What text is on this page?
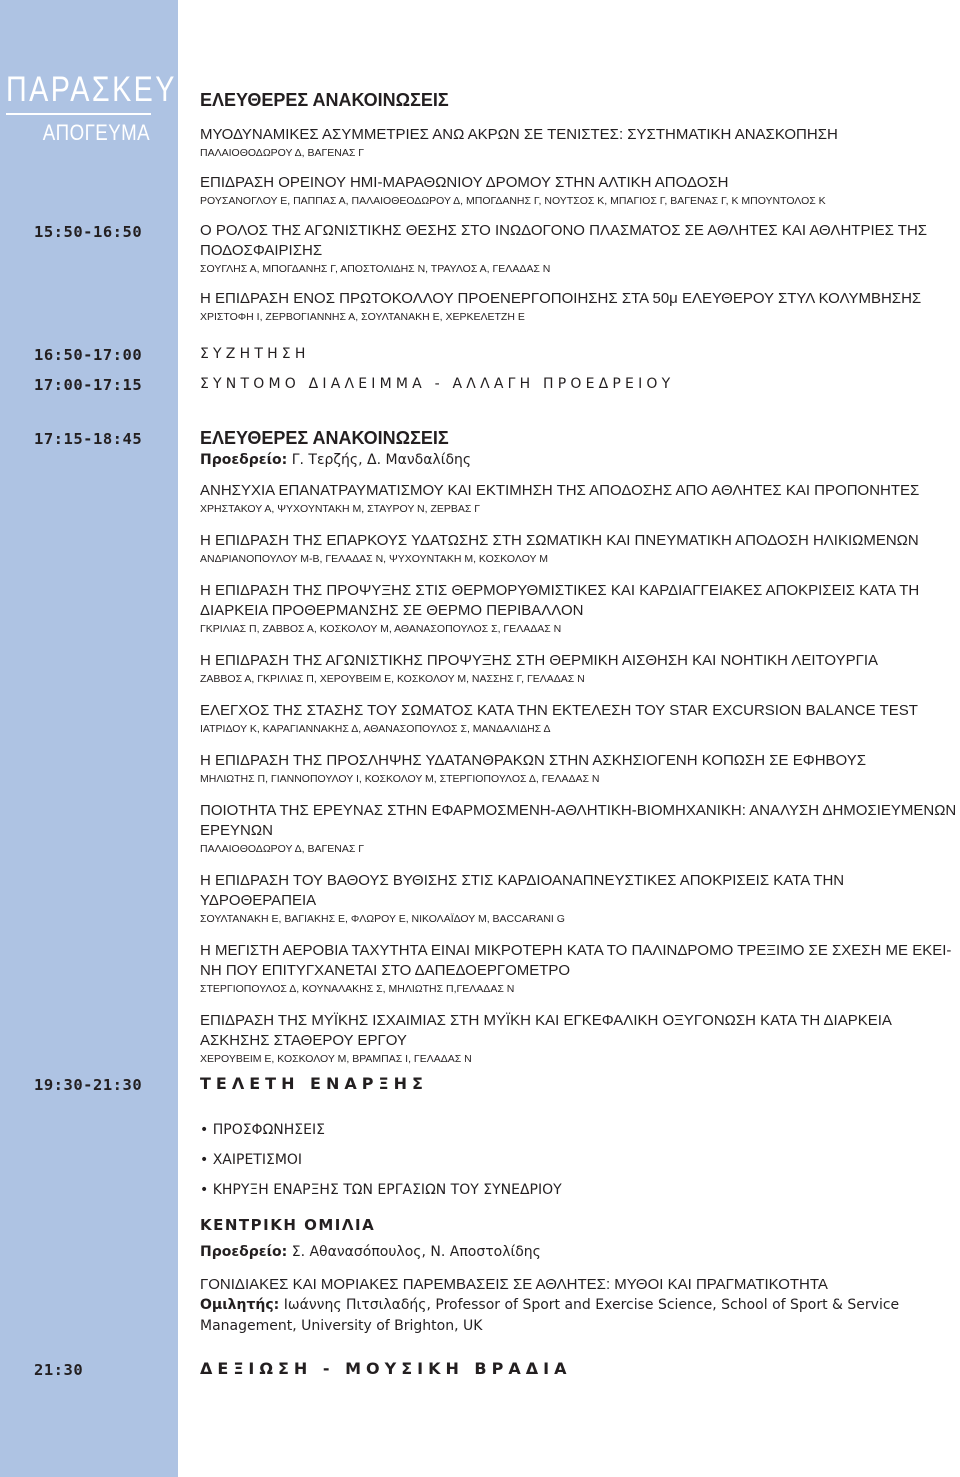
ΠΑΡΑΣΚΕΥΗ
ΑΠΟΓΕΥΜΑ
15:50-16:50
16:50-17:00
17:00-17:15
17:15-18:45
19:30-21:30
21:30
ΕΛΕΥΘΕΡΕΣ ΑΝΑΚΟΙΝΩΣΕΙΣ
ΜΥΟΔΥΝΑΜΙΚΕΣ ΑΣΥΜΜΕΤΡΙΕΣ ΑΝΩ ΑΚΡΩΝ ΣΕ ΤΕΝΙΣΤΕΣ: ΣΥΣΤΗΜΑΤΙΚΗ ΑΝΑΣΚΟΠΗΣΗ
ΠΑΛΑΙΟΘΟΔΩΡΟΥ Δ, ΒΑΓΕΝΑΣ Γ
ΕΠΙΔΡΑΣΗ ΟΡΕΙΝΟΥ ΗΜΙ-ΜΑΡΑΘΩΝΙΟΥ ΔΡΟΜΟΥ ΣΤΗΝ ΑΛΤΙΚΗ ΑΠΟΔΟΣΗ
ΡΟΥΣΑΝΟΓΛΟΥ Ε, ΠΑΠΠΑΣ Α, ΠΑΛΑΙΟΘΕΟΔΩΡΟΥ Δ, ΜΠΟΓΔΑΝΗΣ Γ, ΝΟΥΤΣΟΣ Κ, ΜΠΑΓΙΟΣ Γ, ΒΑΓΕΝΑΣ Γ, Κ ΜΠΟΥΝΤΟΛΟΣ Κ
Ο ΡΟΛΟΣ ΤΗΣ ΑΓΩΝΙΣΤΙΚΗΣ ΘΕΣΗΣ ΣΤΟ ΙΝΩΔΟΓΟΝΟ ΠΛΑΣΜΑΤΟΣ ΣΕ ΑΘΛΗΤΕΣ ΚΑΙ ΑΘΛΗΤΡΙΕΣ ΤΗΣ ΠΟΔΟΣΦΑΙΡΙΣΗΣ
ΣΟΥΓΛΗΣ Α, ΜΠΟΓΔΑΝΗΣ Γ, ΑΠΟΣΤΟΛΙΔΗΣ Ν, ΤΡΑΥΛΟΣ Α, ΓΕΛΑΔΑΣ Ν
Η ΕΠΙΔΡΑΣΗ ΕΝΟΣ ΠΡΩΤΟΚΟΛΛΟΥ ΠΡΟΕΝΕΡΓΟΠΟΙΗΣΗΣ ΣΤΑ 50μ ΕΛΕΥΘΕΡΟΥ ΣΤΥΛ ΚΟΛΥΜΒΗΣΗΣ
ΧΡΙΣΤΟΦΗ Ι, ΖΕΡΒΟΓΙΑΝΝΗΣ Α, ΣΟΥΛΤΑΝΑΚΗ Ε, ΧΕΡΚΕΛΕΤΖΗ Ε
ΣΥΖΗΤΗΣΗ
ΣΥΝΤΟΜΟ ΔΙΑΛΕΙΜΜΑ - ΑΛΛΑΓΗ ΠΡΟΕΔΡΕΙΟΥ
ΕΛΕΥΘΕΡΕΣ ΑΝΑΚΟΙΝΩΣΕΙΣ
Προεδρείο: Γ. Τερζής, Δ. Μανδαλίδης
ΑΝΗΣΥΧΙΑ ΕΠΑΝΑΤΡΑΥΜΑΤΙΣΜΟΥ ΚΑΙ ΕΚΤΙΜΗΣΗ ΤΗΣ ΑΠΟΔΟΣΗΣ ΑΠΟ ΑΘΛΗΤΕΣ ΚΑΙ ΠΡΟΠΟΝΗΤΕΣ
ΧΡΗΣΤΑΚΟΥ Α, ΨΥΧΟΥΝΤΑΚΗ Μ, ΣΤΑΥΡΟΥ Ν, ΖΕΡΒΑΣ Γ
Η ΕΠΙΔΡΑΣΗ ΤΗΣ ΕΠΑΡΚΟΥΣ ΥΔΑΤΩΣΗΣ ΣΤΗ ΣΩΜΑΤΙΚΗ ΚΑΙ ΠΝΕΥΜΑΤΙΚΗ ΑΠΟΔΟΣΗ ΗΛΙΚΙΩΜΕΝΩΝ
ΑΝΔΡΙΑΝΟΠΟΥΛΟΥ Μ-Β, ΓΕΛΑΔΑΣ Ν, ΨΥΧΟΥΝΤΑΚΗ Μ, ΚΟΣΚΟΛΟΥ Μ
Η ΕΠΙΔΡΑΣΗ ΤΗΣ ΠΡΟΨΥΞΗΣ ΣΤΙΣ ΘΕΡΜΟΡΥΘΜΙΣΤΙΚΕΣ ΚΑΙ ΚΑΡΔΙΑΓΓΕΙΑΚΕΣ ΑΠΟΚΡΙΣΕΙΣ ΚΑΤΑ ΤΗ ΔΙΑΡΚΕΙΑ ΠΡΟΘΕΡΜΑΝΣΗΣ ΣΕ ΘΕΡΜΟ ΠΕΡΙΒΑΛΛΟΝ
ΓΚΡΙΛΙΑΣ Π, ΖΑΒΒΟΣ Α, ΚΟΣΚΟΛΟΥ Μ, ΑΘΑΝΑΣΟΠΟΥΛΟΣ Σ, ΓΕΛΑΔΑΣ Ν
Η ΕΠΙΔΡΑΣΗ ΤΗΣ ΑΓΩΝΙΣΤΙΚΗΣ ΠΡΟΨΥΞΗΣ ΣΤΗ ΘΕΡΜΙΚΗ ΑΙΣΘΗΣΗ ΚΑΙ ΝΟΗΤΙΚΗ ΛΕΙΤΟΥΡΓΙΑ
ΖΑΒΒΟΣ Α, ΓΚΡΙΛΙΑΣ Π, ΧΕΡΟΥΒΕΙΜ Ε, ΚΟΣΚΟΛΟΥ Μ, ΝΑΣΣΗΣ Γ, ΓΕΛΑΔΑΣ Ν
ΕΛΕΓΧΟΣ ΤΗΣ ΣΤΑΣΗΣ ΤΟΥ ΣΩΜΑΤΟΣ ΚΑΤΑ ΤΗΝ ΕΚΤΕΛΕΣΗ ΤΟΥ STAR EXCURSION BALANCE TEST
ΙΑΤΡΙΔΟΥ Κ, ΚΑΡΑΓΙΑΝΝΑΚΗΣ Δ, ΑΘΑΝΑΣΟΠΟΥΛΟΣ Σ, ΜΑΝΔΑΛΙΔΗΣ Δ
Η ΕΠΙΔΡΑΣΗ ΤΗΣ ΠΡΟΣΛΗΨΗΣ ΥΔΑΤΑΝΘΡΑΚΩΝ ΣΤΗΝ ΑΣΚΗΣΙΟΓΕΝΗ ΚΟΠΩΣΗ ΣΕ ΕΦΗΒΟΥΣ
ΜΗΛΙΩΤΗΣ Π, ΓΙΑΝΝΟΠΟΥΛΟΥ Ι, ΚΟΣΚΟΛΟΥ Μ, ΣΤΕΡΓΙΟΠΟΥΛΟΣ Δ, ΓΕΛΑΔΑΣ Ν
ΠΟΙΟΤΗΤΑ ΤΗΣ ΕΡΕΥΝΑΣ ΣΤΗΝ ΕΦΑΡΜΟΣΜΕΝΗ-ΑΘΛΗΤΙΚΗ-ΒΙΟΜΗΧΑΝΙΚΗ: ΑΝΑΛΥΣΗ ΔΗΜΟΣΙΕΥΜΕΝΩΝ ΕΡΕΥΝΩΝ
ΠΑΛΑΙΟΘΟΔΩΡΟΥ Δ, ΒΑΓΕΝΑΣ Γ
Η ΕΠΙΔΡΑΣΗ ΤΟΥ ΒΑΘΟΥΣ ΒΥΘΙΣΗΣ ΣΤΙΣ ΚΑΡΔΙΟΑΝΑΠΝΕΥΣΤΙΚΕΣ ΑΠΟΚΡΙΣΕΙΣ ΚΑΤΑ ΤΗΝ ΥΔΡΟΘΕΡΑΠΕΙΑ
ΣΟΥΛΤΑΝΑΚΗ Ε, ΒΑΓΙΑΚΗΣ Ε, ΦΛΩΡΟΥ Ε, ΝΙΚΟΛΑΪΔΟΥ Μ, BACCARANI G
Η ΜΕΓΙΣΤΗ ΑΕΡΟΒΙΑ ΤΑΧΥΤΗΤΑ ΕΙΝΑΙ ΜΙΚΡΟΤΕΡΗ ΚΑΤΑ ΤΟ ΠΑΛΙΝΔΡΟΜΟ ΤΡΕΞΙΜΟ ΣΕ ΣΧΕΣΗ ΜΕ ΕΚΕΙ-ΝΗ ΠΟΥ ΕΠΙΤΥΓΧΑΝΕΤΑΙ ΣΤΟ ΔΑΠΕΔΟΕΡΓΟΜΕΤΡΟ
ΣΤΕΡΓΙΟΠΟΥΛΟΣ Δ, ΚΟΥΝΑΛΑΚΗΣ Σ, ΜΗΛΙΩΤΗΣ Π,ΓΕΛΑΔΑΣ Ν
ΕΠΙΔΡΑΣΗ ΤΗΣ ΜΥΪΚΗΣ ΙΣΧΑΙΜΙΑΣ ΣΤΗ ΜΥΪΚΗ ΚΑΙ ΕΓΚΕΦΑΛΙΚΗ ΟΞΥΓΟΝΩΣΗ ΚΑΤΑ ΤΗ ΔΙΑΡΚΕΙΑ ΑΣΚΗΣΗΣ ΣΤΑΘΕΡΟΥ ΕΡΓΟΥ
ΧΕΡΟΥΒΕΙΜ Ε, ΚΟΣΚΟΛΟΥ Μ, ΒΡΑΜΠΑΣ Ι, ΓΕΛΑΔΑΣ Ν
ΤΕΛΕΤΗ ΕΝΑΡΞΗΣ
• ΠΡΟΣΦΩΝΗΣΕΙΣ
• ΧΑΙΡΕΤΙΣΜΟΙ
• ΚΗΡΥΞΗ ΕΝΑΡΞΗΣ ΤΩΝ ΕΡΓΑΣΙΩΝ ΤΟΥ ΣΥΝΕΔΡΙΟΥ
ΚΕΝΤΡΙΚΗ ΟΜΙΛΙΑ
Προεδρείο: Σ. Αθανασόπουλος, Ν. Αποστολίδης
ΓΟΝΙΔΙΑΚΕΣ ΚΑΙ ΜΟΡΙΑΚΕΣ ΠΑΡΕΜΒΑΣΕΙΣ ΣΕ ΑΘΛΗΤΕΣ: ΜΥΘΟΙ ΚΑΙ ΠΡΑΓΜΑΤΙΚΟΤΗΤΑ
Ομιλητής: Ιωάννης Πιτσιλαδής, Professor of Sport and Exercise Science, School of Sport & Service Management, University of Brighton, UK
ΔΕΞΙΩΣΗ - ΜΟΥΣΙΚΗ ΒΡΑΔΙΑ
